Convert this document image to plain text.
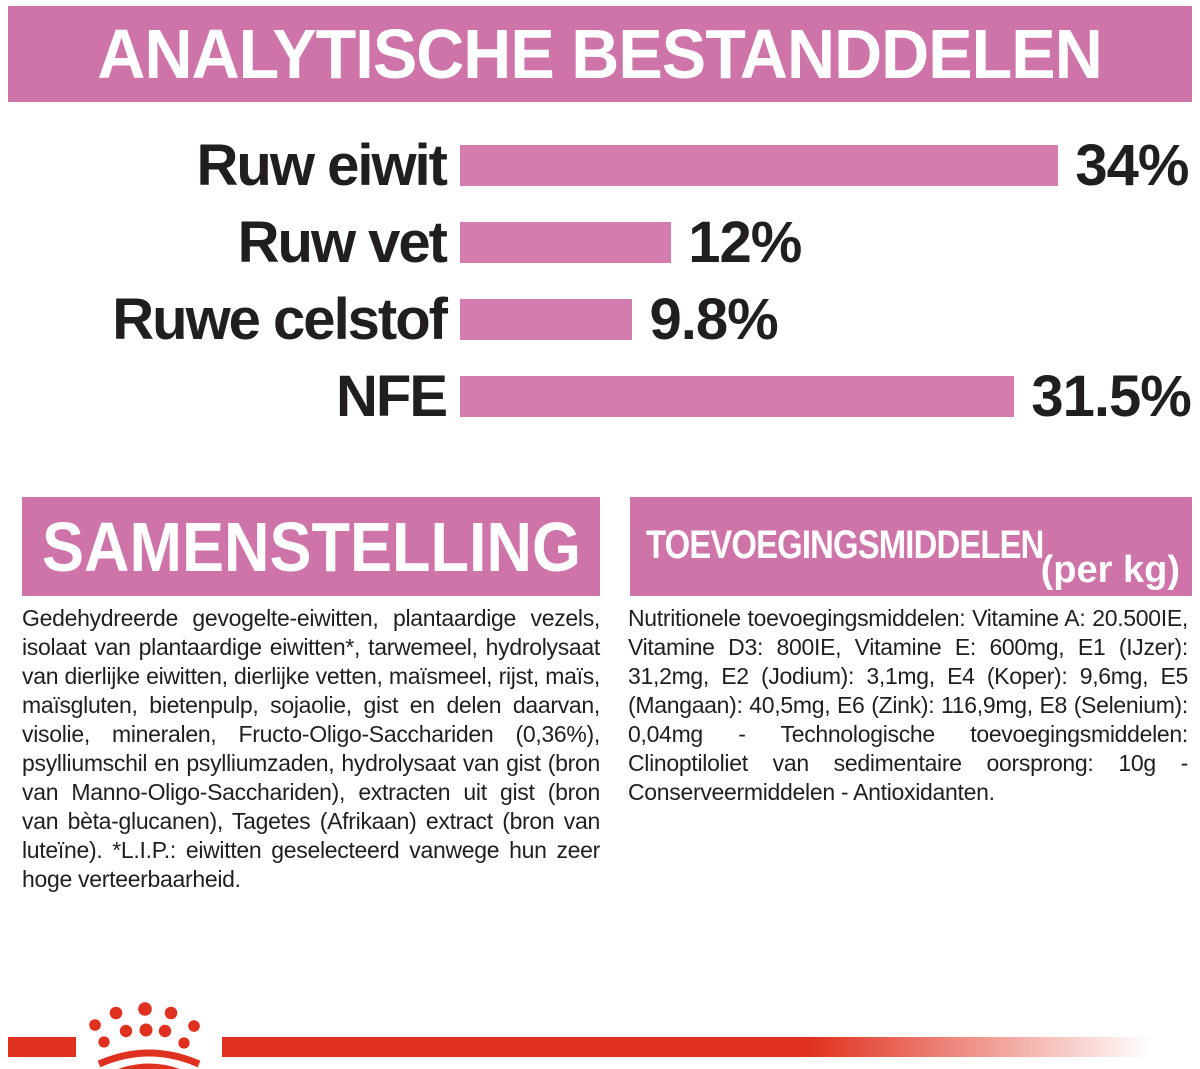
ANALYTISCHE BESTANDDELEN
Ruw eiwit	34%
Ruw vet	12%
Ruwe celstof	9.8%
NFE	31.5%
SAMENSTELLING TOEVOEGINGSMIDDELEN
(per kg)
Gedehydreerde gevogelte-eiwitten, plantaardige vezels, isolaat van plantaardige eiwitten*, tarwemeel, hydrolysaat van dierlijke eiwitten, dierlijke vetten, maïsmeel, rijst, maïs, maïsgluten, bietenpulp, sojaolie, gist en delen daarvan, visolie, mineralen, Fructo-Oligo-Sacchariden (0,36%), psylliumschil en psylliumzaden, hydrolysaat van gist (bron van Manno-Oligo-Sacchariden), extracten uit gist (bron van bèta-glucanen), Tagetes (Afrikaan) extract (bron van luteïne). *L.I.P.: eiwitten geselecteerd vanwege hun zeer hoge verteerbaarheid.
Nutritionele toevoegingsmiddelen: Vitamine A: 20.500IE, Vitamine D3: 800IE, Vitamine E: 600mg, E1 (IJzer): 31,2mg, E2 (Jodium): 3,1mg, E4 (Koper): 9,6mg, E5 (Mangaan): 40,5mg, E6 (Zink): 116,9mg, E8 (Selenium): 0,04mg - Technologische toevoegingsmiddelen: Clinoptiloliet van sedimentaire oorsprong: 10g - Conserveermiddelen - Antioxidanten.
